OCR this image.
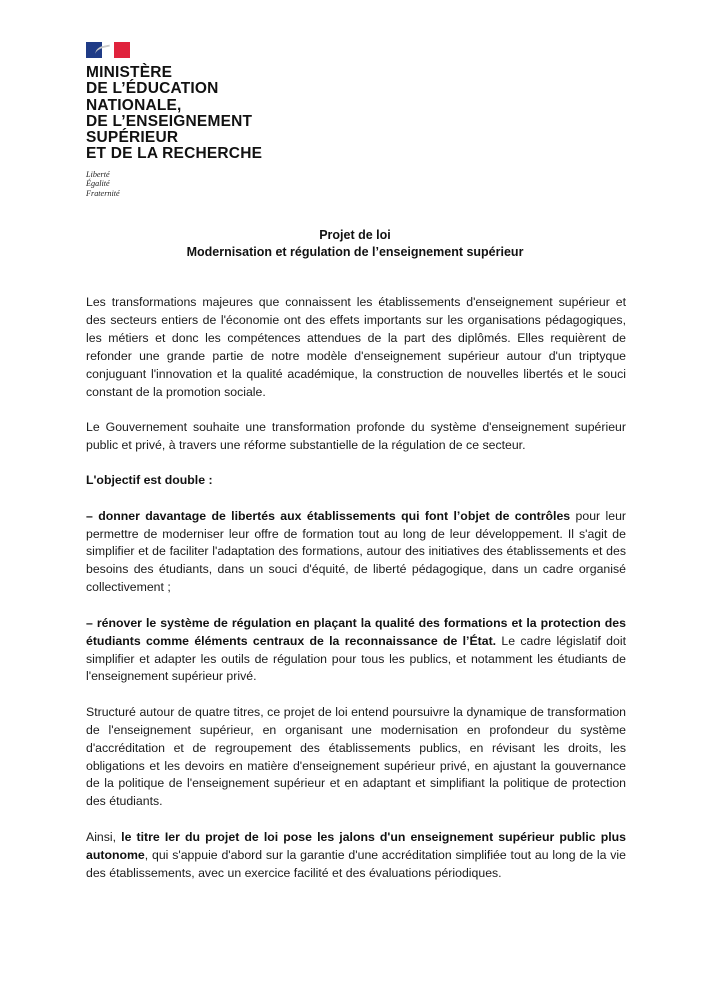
MINISTÈRE
DE L’ÉDUCATION
NATIONALE,
DE L’ENSEIGNEMENT
SUPÉRIEUR
ET DE LA RECHERCHE
Liberté
Égalité
Fraternité
Projet de loi
Modernisation et régulation de l’enseignement supérieur

Les transformations majeures que connaissent les établissements d'enseignement supérieur et des secteurs entiers de l'économie ont des effets importants sur les organisations pédagogiques, les métiers et donc les compétences attendues de la part des diplômés. Elles requièrent de refonder une grande partie de notre modèle d'enseignement supérieur autour d'un triptyque conjuguant l'innovation et la qualité académique, la construction de nouvelles libertés et le souci constant de la promotion sociale.

Le Gouvernement souhaite une transformation profonde du système d'enseignement supérieur public et privé, à travers une réforme substantielle de la régulation de ce secteur.

L'objectif est double :

– donner davantage de libertés aux établissements qui font l’objet de contrôles pour leur permettre de moderniser leur offre de formation tout au long de leur développement. Il s'agit de simplifier et de faciliter l'adaptation des formations, autour des initiatives des établissements et des besoins des étudiants, dans un souci d'équité, de liberté pédagogique, dans un cadre organisé collectivement ;

– rénover le système de régulation en plaçant la qualité des formations et la protection des étudiants comme éléments centraux de la reconnaissance de l’État. Le cadre législatif doit simplifier et adapter les outils de régulation pour tous les publics, et notamment les étudiants de l'enseignement supérieur privé.

Structuré autour de quatre titres, ce projet de loi entend poursuivre la dynamique de transformation de l'enseignement supérieur, en organisant une modernisation en profondeur du système d'accréditation et de regroupement des établissements publics, en révisant les droits, les obligations et les devoirs en matière d'enseignement supérieur privé, en ajustant la gouvernance de la politique de l'enseignement supérieur et en adaptant et simplifiant la politique de protection des étudiants.

Ainsi, le titre Ier du projet de loi pose les jalons d'un enseignement supérieur public plus autonome, qui s'appuie d'abord sur la garantie d'une accréditation simplifiée tout au long de la vie des établissements, avec un exercice facilité et des évaluations périodiques.
